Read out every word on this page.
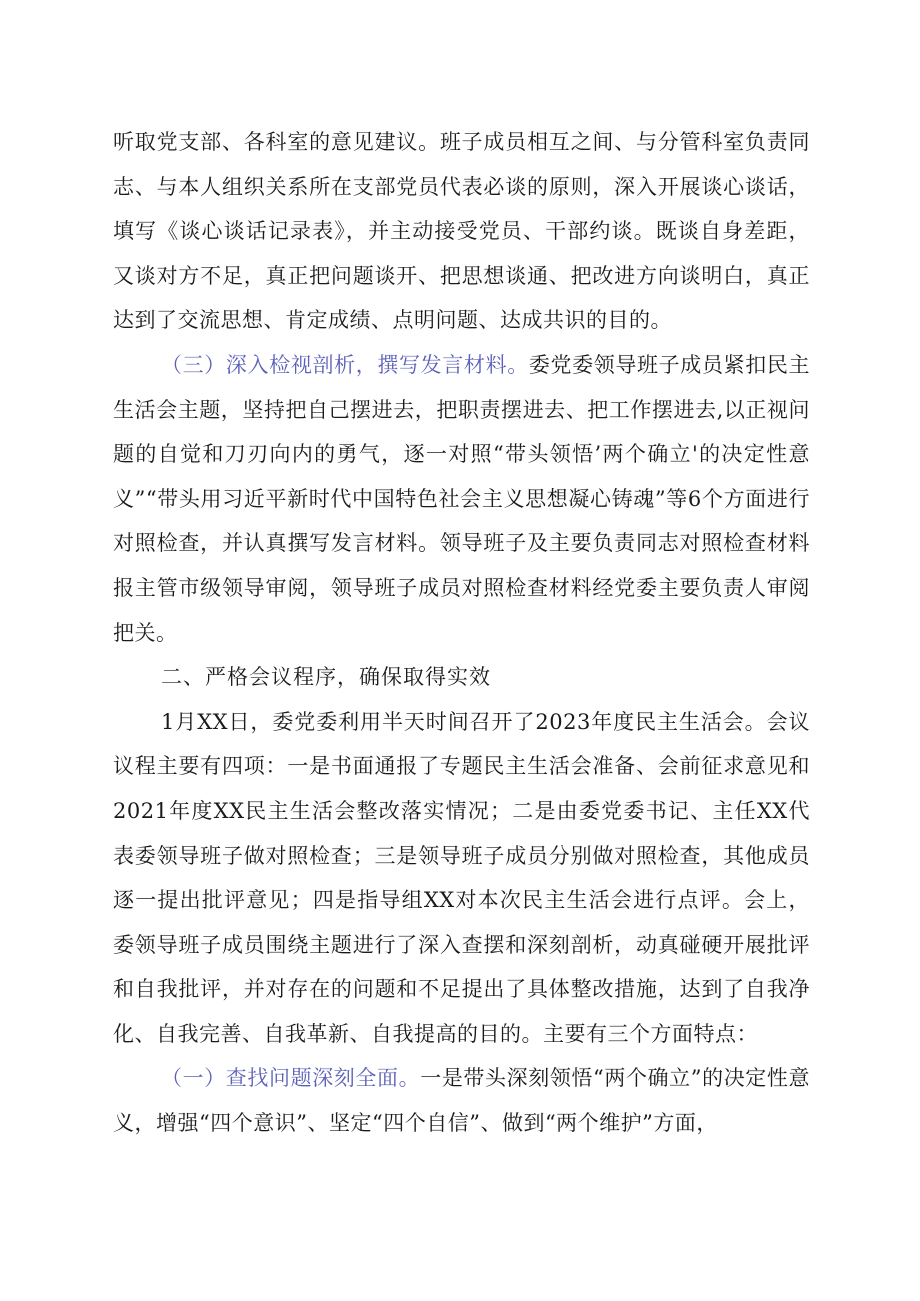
听取党支部、各科室的意见建议。班子成员相互之间、与分管科室负责同志、与本人组织关系所在支部党员代表必谈的原则，深入开展谈心谈话，填写《谈心谈话记录表》，并主动接受党员、干部约谈。既谈自身差距，又谈对方不足，真正把问题谈开、把思想谈通、把改进方向谈明白，真正达到了交流思想、肯定成绩、点明问题、达成共识的目的。

（三）深入检视剖析，撰写发言材料。委党委领导班子成员紧扣民主生活会主题，坚持把自己摆进去，把职责摆进去、把工作摆进去,以正视问题的自觉和刀刃向内的勇气，逐一对照“带头领悟’两个确立'的决定性意义”“带头用习近平新时代中国特色社会主义思想凝心铸魂”等6个方面进行对照检查，并认真撰写发言材料。领导班子及主要负责同志对照检查材料报主管市级领导审阅，领导班子成员对照检查材料经党委主要负责人审阅把关。

二、严格会议程序，确保取得实效

1月XX日，委党委利用半天时间召开了2023年度民主生活会。会议议程主要有四项：一是书面通报了专题民主生活会准备、会前征求意见和2021年度XX民主生活会整改落实情况；二是由委党委书记、主任XX代表委领导班子做对照检查；三是领导班子成员分别做对照检查，其他成员逐一提出批评意见；四是指导组XX对本次民主生活会进行点评。会上，委领导班子成员围绕主题进行了深入查摆和深刻剖析，动真碰硬开展批评和自我批评，并对存在的问题和不足提出了具体整改措施，达到了自我净化、自我完善、自我革新、自我提高的目的。主要有三个方面特点：

（一）查找问题深刻全面。一是带头深刻领悟“两个确立”的决定性意义，增强“四个意识”、坚定“四个自信”、做到“两个维护”方面，
